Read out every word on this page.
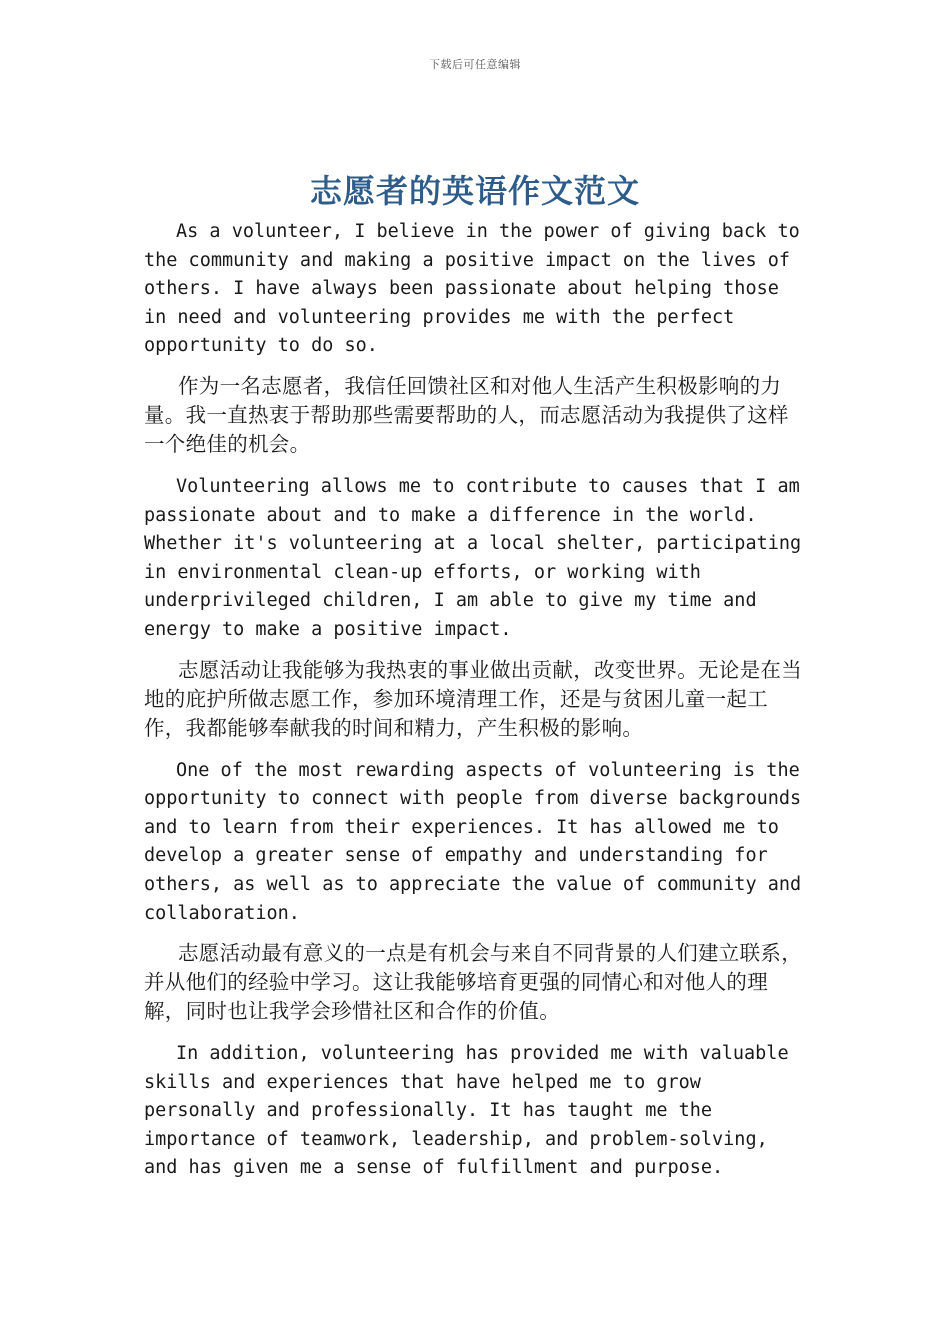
下载后可任意编辑
志愿者的英语作文范文

As a volunteer, I believe in the power of giving back to the community and making a positive impact on the lives of others. I have always been passionate about helping those in need and volunteering provides me with the perfect opportunity to do so.

作为一名志愿者，我信任回馈社区和对他人生活产生积极影响的力量。我一直热衷于帮助那些需要帮助的人，而志愿活动为我提供了这样一个绝佳的机会。

Volunteering allows me to contribute to causes that I am passionate about and to make a difference in the world. Whether it's volunteering at a local shelter, participating in environmental clean-up efforts, or working with underprivileged children, I am able to give my time and energy to make a positive impact.

志愿活动让我能够为我热衷的事业做出贡献，改变世界。无论是在当地的庇护所做志愿工作，参加环境清理工作，还是与贫困儿童一起工作，我都能够奉献我的时间和精力，产生积极的影响。

One of the most rewarding aspects of volunteering is the opportunity to connect with people from diverse backgrounds and to learn from their experiences. It has allowed me to develop a greater sense of empathy and understanding for others, as well as to appreciate the value of community and collaboration.

志愿活动最有意义的一点是有机会与来自不同背景的人们建立联系，并从他们的经验中学习。这让我能够培育更强的同情心和对他人的理解，同时也让我学会珍惜社区和合作的价值。

In addition, volunteering has provided me with valuable skills and experiences that have helped me to grow personally and professionally. It has taught me the importance of teamwork, leadership, and problem-solving, and has given me a sense of fulfillment and purpose.
